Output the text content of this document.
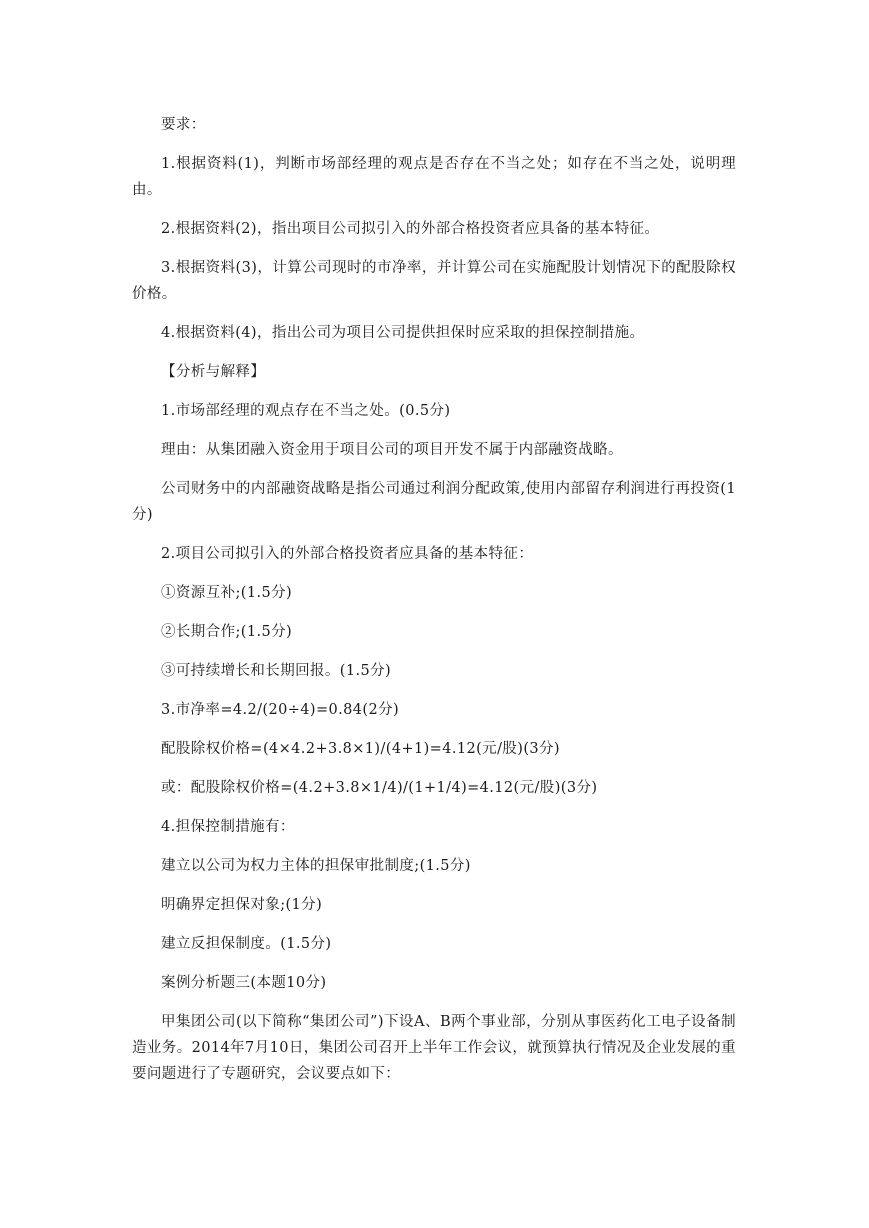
要求：

1.根据资料(1)，判断市场部经理的观点是否存在不当之处；如存在不当之处，说明理由。

2.根据资料(2)，指出项目公司拟引入的外部合格投资者应具备的基本特征。

3.根据资料(3)，计算公司现时的市净率，并计算公司在实施配股计划情况下的配股除权价格。

4.根据资料(4)，指出公司为项目公司提供担保时应采取的担保控制措施。

【分析与解释】

1.市场部经理的观点存在不当之处。(0.5分)

理由：从集团融入资金用于项目公司的项目开发不属于内部融资战略。

公司财务中的内部融资战略是指公司通过利润分配政策,使用内部留存利润进行再投资(1分)

2.项目公司拟引入的外部合格投资者应具备的基本特征：

①资源互补;(1.5分)

②长期合作;(1.5分)

③可持续增长和长期回报。(1.5分)

3.市净率=4.2/(20÷4)=0.84(2分)

配股除权价格=(4×4.2+3.8×1)/(4+1)=4.12(元/股)(3分)

或：配股除权价格=(4.2+3.8×1/4)/(1+1/4)=4.12(元/股)(3分)

4.担保控制措施有：

建立以公司为权力主体的担保审批制度;(1.5分)

明确界定担保对象;(1分)

建立反担保制度。(1.5分)

案例分析题三(本题10分)

甲集团公司(以下简称“集团公司”)下设A、B两个事业部，分别从事医药化工电子设备制造业务。2014年7月10日，集团公司召开上半年工作会议，就预算执行情况及企业发展的重要问题进行了专题研究，会议要点如下：
